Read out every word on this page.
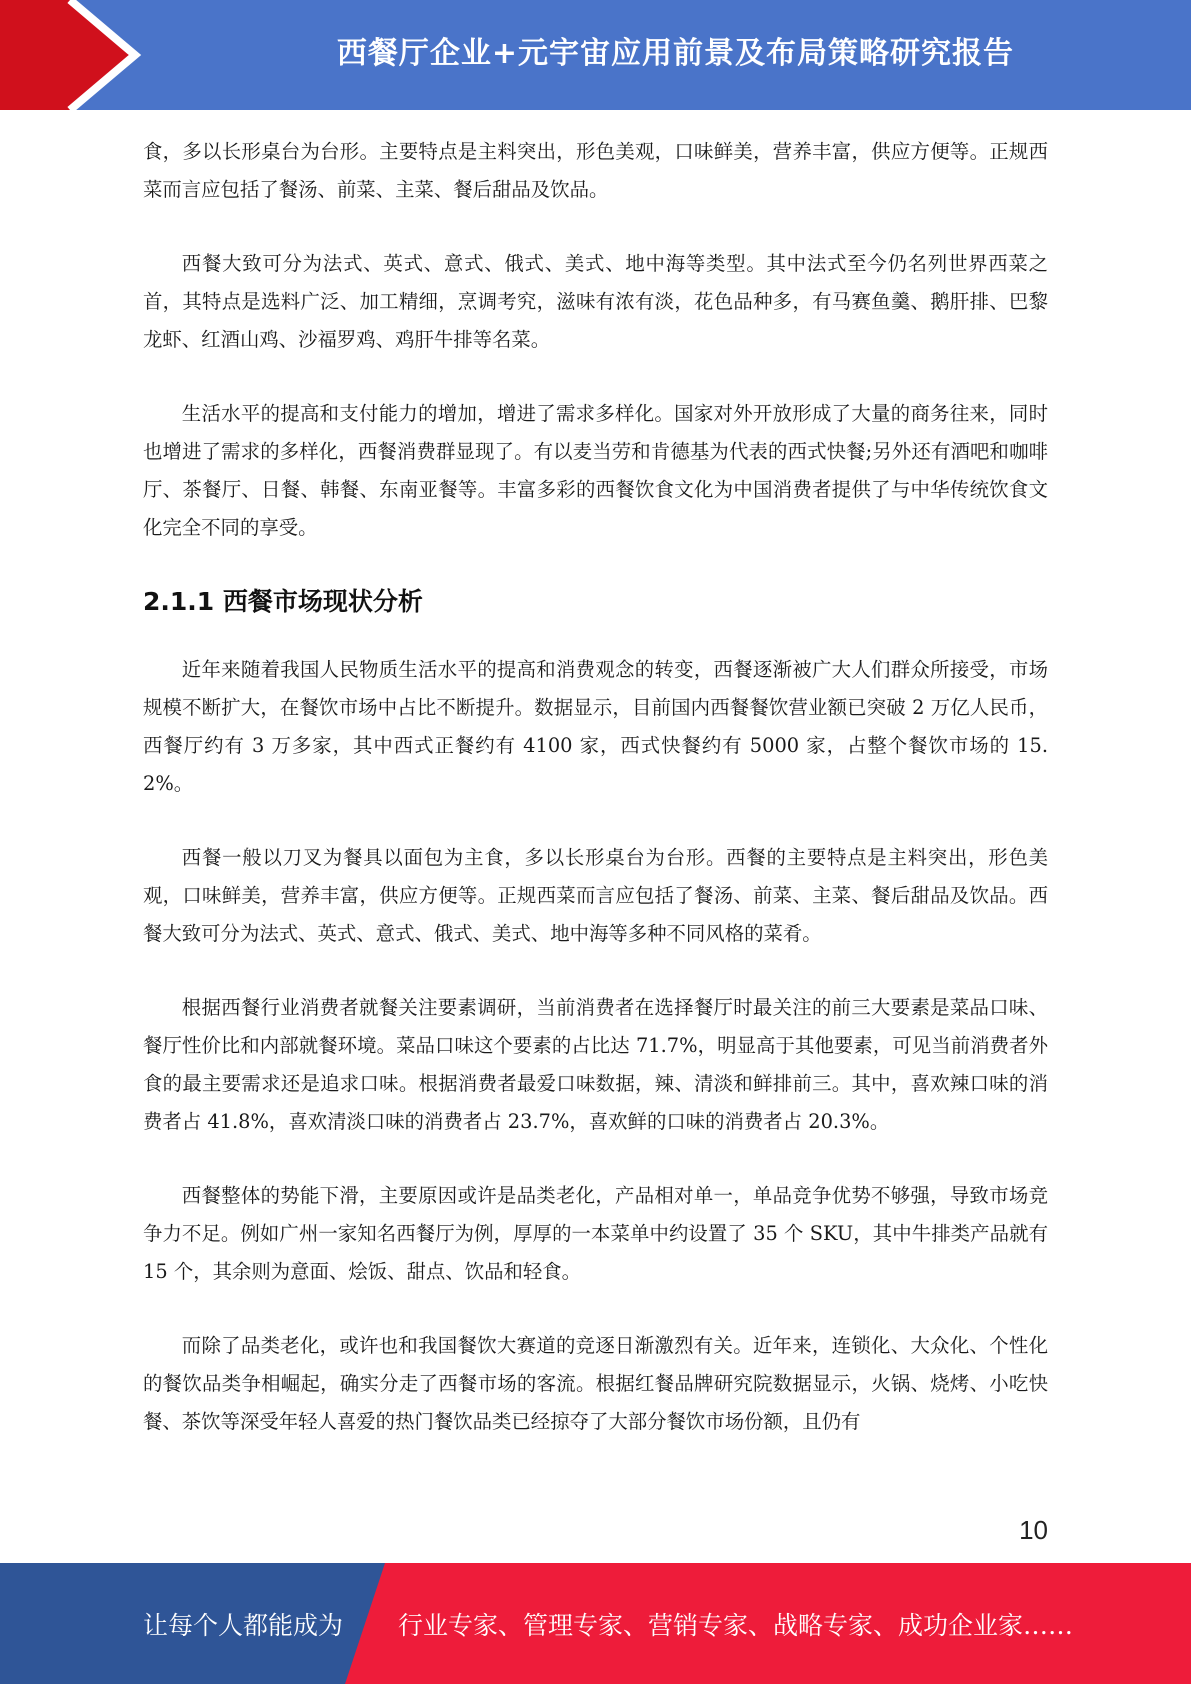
西餐厅企业+元宇宙应用前景及布局策略研究报告

食，多以长形桌台为台形。主要特点是主料突出，形色美观，口味鲜美，营养丰富，供应方便等。正规西菜而言应包括了餐汤、前菜、主菜、餐后甜品及饮品。

西餐大致可分为法式、英式、意式、俄式、美式、地中海等类型。其中法式至今仍名列世界西菜之首，其特点是选料广泛、加工精细，烹调考究，滋味有浓有淡，花色品种多，有马赛鱼羹、鹅肝排、巴黎龙虾、红酒山鸡、沙福罗鸡、鸡肝牛排等名菜。

生活水平的提高和支付能力的增加，增进了需求多样化。国家对外开放形成了大量的商务往来，同时也增进了需求的多样化，西餐消费群显现了。有以麦当劳和肯德基为代表的西式快餐;另外还有酒吧和咖啡厅、茶餐厅、日餐、韩餐、东南亚餐等。丰富多彩的西餐饮食文化为中国消费者提供了与中华传统饮食文化完全不同的享受。

2.1.1 西餐市场现状分析

近年来随着我国人民物质生活水平的提高和消费观念的转变，西餐逐渐被广大人们群众所接受，市场规模不断扩大，在餐饮市场中占比不断提升。数据显示，目前国内西餐餐饮营业额已突破 2 万亿人民币，西餐厅约有 3 万多家，其中西式正餐约有 4100 家，西式快餐约有 5000 家，占整个餐饮市场的 15.2%。

西餐一般以刀叉为餐具以面包为主食，多以长形桌台为台形。西餐的主要特点是主料突出，形色美观，口味鲜美，营养丰富，供应方便等。正规西菜而言应包括了餐汤、前菜、主菜、餐后甜品及饮品。西餐大致可分为法式、英式、意式、俄式、美式、地中海等多种不同风格的菜肴。

根据西餐行业消费者就餐关注要素调研，当前消费者在选择餐厅时最关注的前三大要素是菜品口味、餐厅性价比和内部就餐环境。菜品口味这个要素的占比达 71.7%，明显高于其他要素，可见当前消费者外食的最主要需求还是追求口味。根据消费者最爱口味数据，辣、清淡和鲜排前三。其中，喜欢辣口味的消费者占 41.8%，喜欢清淡口味的消费者占 23.7%，喜欢鲜的口味的消费者占 20.3%。

西餐整体的势能下滑，主要原因或许是品类老化，产品相对单一，单品竞争优势不够强，导致市场竞争力不足。例如广州一家知名西餐厅为例，厚厚的一本菜单中约设置了 35 个 SKU，其中牛排类产品就有 15 个，其余则为意面、烩饭、甜点、饮品和轻食。

而除了品类老化，或许也和我国餐饮大赛道的竞逐日渐激烈有关。近年来，连锁化、大众化、个性化的餐饮品类争相崛起，确实分走了西餐市场的客流。根据红餐品牌研究院数据显示，火锅、烧烤、小吃快餐、茶饮等深受年轻人喜爱的热门餐饮品类已经掠夺了大部分餐饮市场份额，且仍有

10
让每个人都能成为 行业专家、管理专家、营销专家、战略专家、成功企业家……
